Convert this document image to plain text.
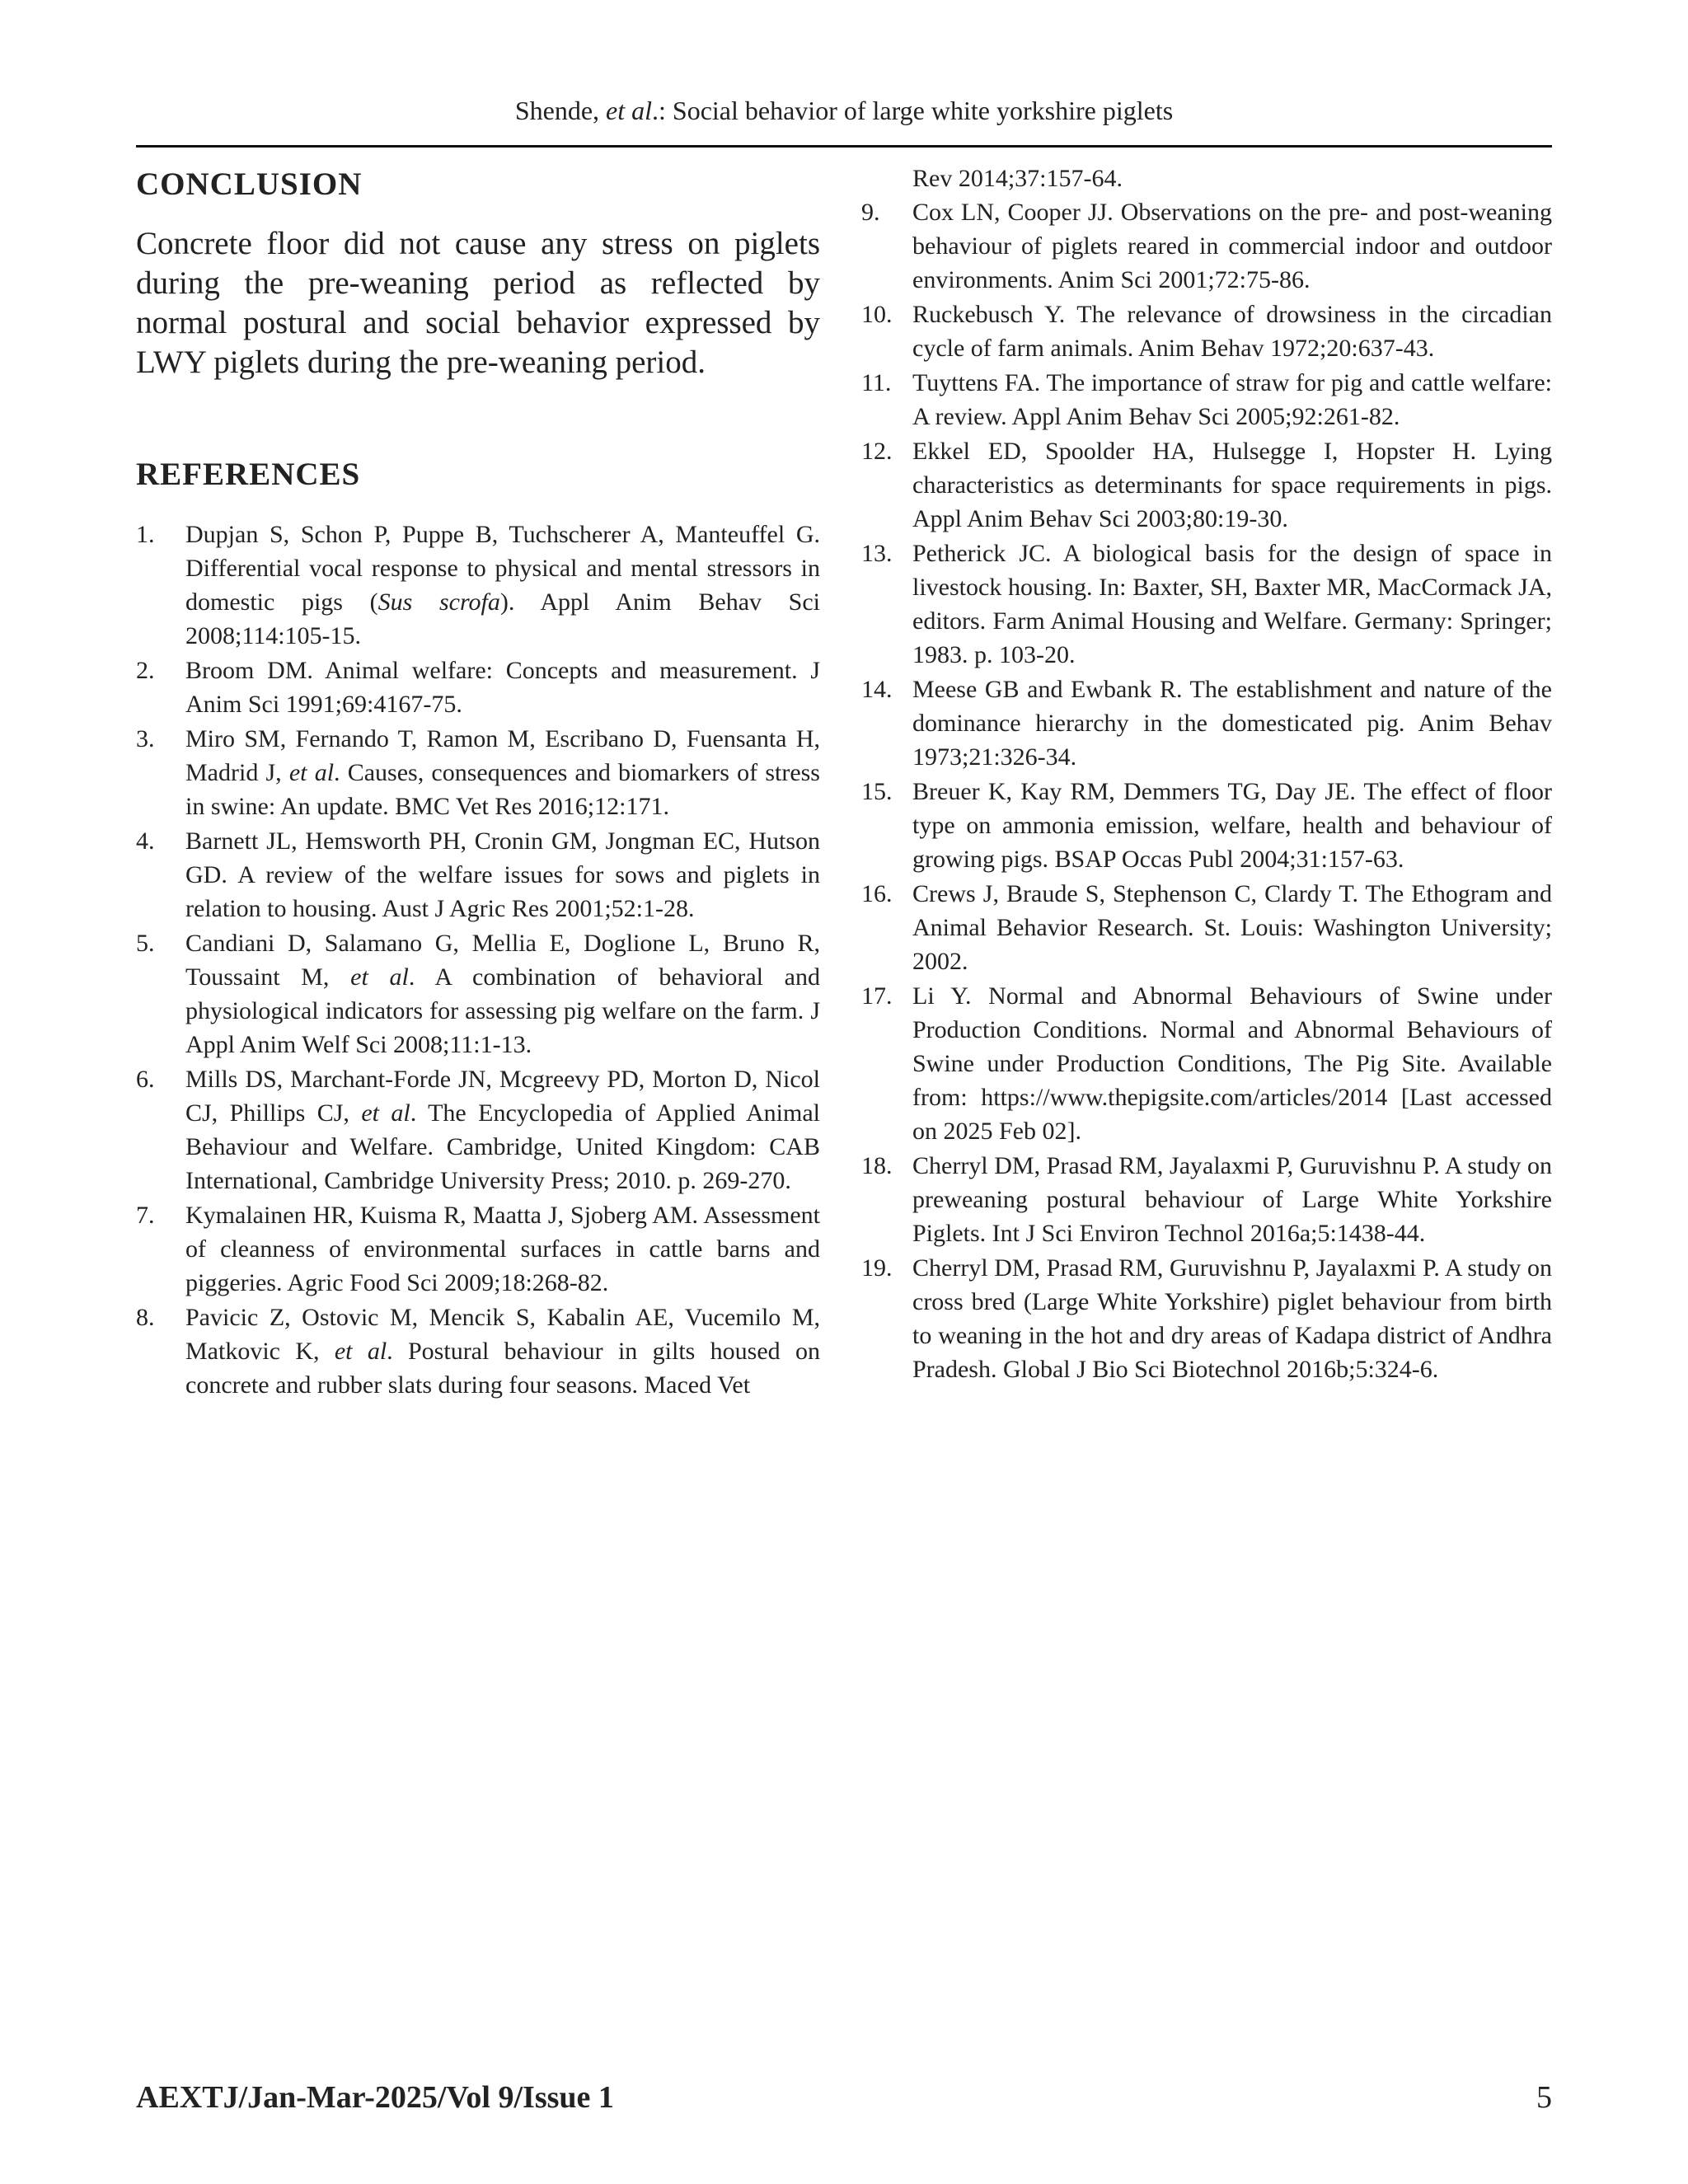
Shende, et al.: Social behavior of large white yorkshire piglets
CONCLUSION

Concrete floor did not cause any stress on piglets during the pre-weaning period as reflected by normal postural and social behavior expressed by LWY piglets during the pre-weaning period.

REFERENCES
1. Dupjan S, Schon P, Puppe B, Tuchscherer A, Manteuffel G. Differential vocal response to physical and mental stressors in domestic pigs (Sus scrofa). Appl Anim Behav Sci 2008;114:105-15.
2. Broom DM. Animal welfare: Concepts and measurement. J Anim Sci 1991;69:4167-75.
3. Miro SM, Fernando T, Ramon M, Escribano D, Fuensanta H, Madrid J, et al. Causes, consequences and biomarkers of stress in swine: An update. BMC Vet Res 2016;12:171.
4. Barnett JL, Hemsworth PH, Cronin GM, Jongman EC, Hutson GD. A review of the welfare issues for sows and piglets in relation to housing. Aust J Agric Res 2001;52:1-28.
5. Candiani D, Salamano G, Mellia E, Doglione L, Bruno R, Toussaint M, et al. A combination of behavioral and physiological indicators for assessing pig welfare on the farm. J Appl Anim Welf Sci 2008;11:1-13.
6. Mills DS, Marchant-Forde JN, Mcgreevy PD, Morton D, Nicol CJ, Phillips CJ, et al. The Encyclopedia of Applied Animal Behaviour and Welfare. Cambridge, United Kingdom: CAB International, Cambridge University Press; 2010. p. 269-270.
7. Kymalainen HR, Kuisma R, Maatta J, Sjoberg AM. Assessment of cleanness of environmental surfaces in cattle barns and piggeries. Agric Food Sci 2009;18:268-82.
8. Pavicic Z, Ostovic M, Mencik S, Kabalin AE, Vucemilo M, Matkovic K, et al. Postural behaviour in gilts housed on concrete and rubber slats during four seasons. Maced Vet
Rev 2014;37:157-64.
9. Cox LN, Cooper JJ. Observations on the pre- and post-weaning behaviour of piglets reared in commercial indoor and outdoor environments. Anim Sci 2001;72:75-86.
10. Ruckebusch Y. The relevance of drowsiness in the circadian cycle of farm animals. Anim Behav 1972;20:637-43.
11. Tuyttens FA. The importance of straw for pig and cattle welfare: A review. Appl Anim Behav Sci 2005;92:261-82.
12. Ekkel ED, Spoolder HA, Hulsegge I, Hopster H. Lying characteristics as determinants for space requirements in pigs. Appl Anim Behav Sci 2003;80:19-30.
13. Petherick JC. A biological basis for the design of space in livestock housing. In: Baxter, SH, Baxter MR, MacCormack JA, editors. Farm Animal Housing and Welfare. Germany: Springer; 1983. p. 103-20.
14. Meese GB and Ewbank R. The establishment and nature of the dominance hierarchy in the domesticated pig. Anim Behav 1973;21:326-34.
15. Breuer K, Kay RM, Demmers TG, Day JE. The effect of floor type on ammonia emission, welfare, health and behaviour of growing pigs. BSAP Occas Publ 2004;31:157-63.
16. Crews J, Braude S, Stephenson C, Clardy T. The Ethogram and Animal Behavior Research. St. Louis: Washington University; 2002.
17. Li Y. Normal and Abnormal Behaviours of Swine under Production Conditions. Normal and Abnormal Behaviours of Swine under Production Conditions, The Pig Site. Available from: https://www.thepigsite.com/articles/2014 [Last accessed on 2025 Feb 02].
18. Cherryl DM, Prasad RM, Jayalaxmi P, Guruvishnu P. A study on preweaning postural behaviour of Large White Yorkshire Piglets. Int J Sci Environ Technol 2016a;5:1438-44.
19. Cherryl DM, Prasad RM, Guruvishnu P, Jayalaxmi P. A study on cross bred (Large White Yorkshire) piglet behaviour from birth to weaning in the hot and dry areas of Kadapa district of Andhra Pradesh. Global J Bio Sci Biotechnol 2016b;5:324-6.
AEXTJ/Jan-Mar-2025/Vol 9/Issue 1	5
